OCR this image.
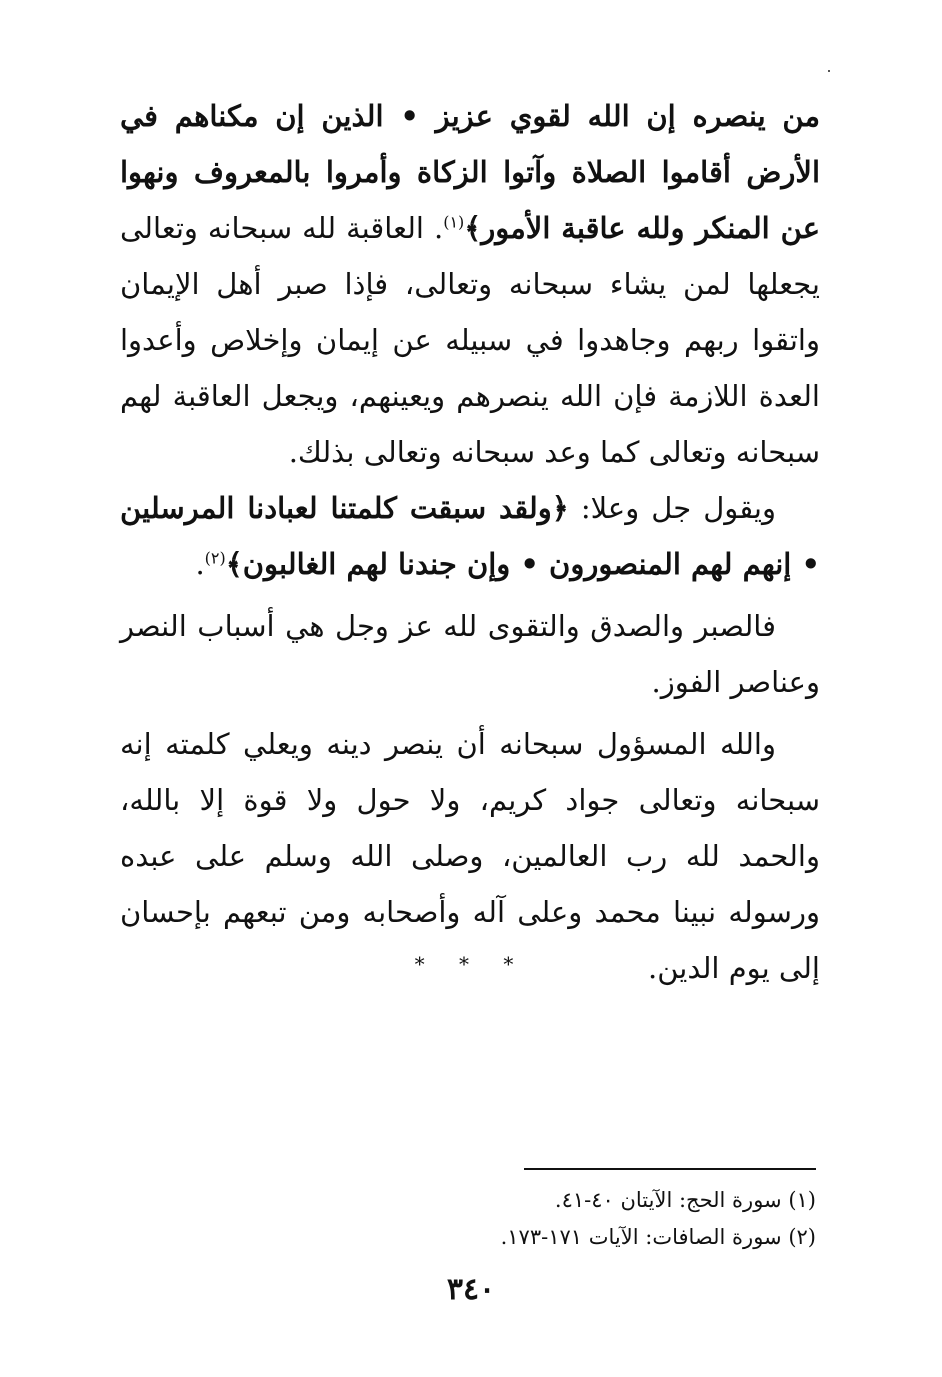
من ينصره إن الله لقوي عزيز • الذين إن مكناهم في الأرض أقاموا الصلاة وآتوا الزكاة وأمروا بالمعروف ونهوا عن المنكر ولله عاقبة الأمور﴾$^{(١)}$. العاقبة لله سبحانه وتعالى يجعلها لمن يشاء سبحانه وتعالى، فإذا صبر أهل الإيمان واتقوا ربهم وجاهدوا في سبيله عن إيمان وإخلاص وأعدوا العدة اللازمة فإن الله ينصرهم ويعينهم، ويجعل العاقبة لهم سبحانه وتعالى كما وعد سبحانه وتعالى بذلك.
ويقول جل وعلا: ﴿ولقد سبقت كلمتنا لعبادنا المرسلين • إنهم لهم المنصورون • وإن جندنا لهم الغالبون﴾$^{(٢)}$.
فالصبر والصدق والتقوى لله عز وجل هي أسباب النصر وعناصر الفوز.
والله المسؤول سبحانه أن ينصر دينه ويعلي كلمته إنه سبحانه وتعالى جواد كريم، ولا حول ولا قوة إلا بالله، والحمد لله رب العالمين، وصلى الله وسلم على عبده ورسوله نبينا محمد وعلى آله وأصحابه ومن تبعهم بإحسان إلى يوم الدين.
* * *
(١) سورة الحج: الآيتان ٤٠-٤١.
(٢) سورة الصافات: الآيات ١٧١-١٧٣.
٣٤٠
